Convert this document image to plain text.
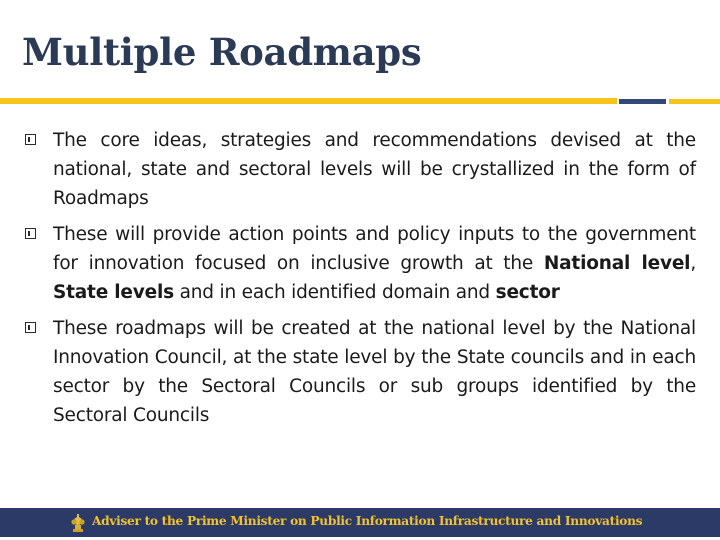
Multiple Roadmaps
The core ideas, strategies and recommendations devised at the national, state and sectoral levels will be crystallized in the form of Roadmaps
These will provide action points and policy inputs to the government for innovation focused on inclusive growth at the National level, State levels and in each identified domain and sector
These roadmaps will be created at the national level by the National Innovation Council, at the state level by the State councils and in each sector by the Sectoral Councils or sub groups identified by the Sectoral Councils
Adviser to the Prime Minister on Public Information Infrastructure and Innovations
